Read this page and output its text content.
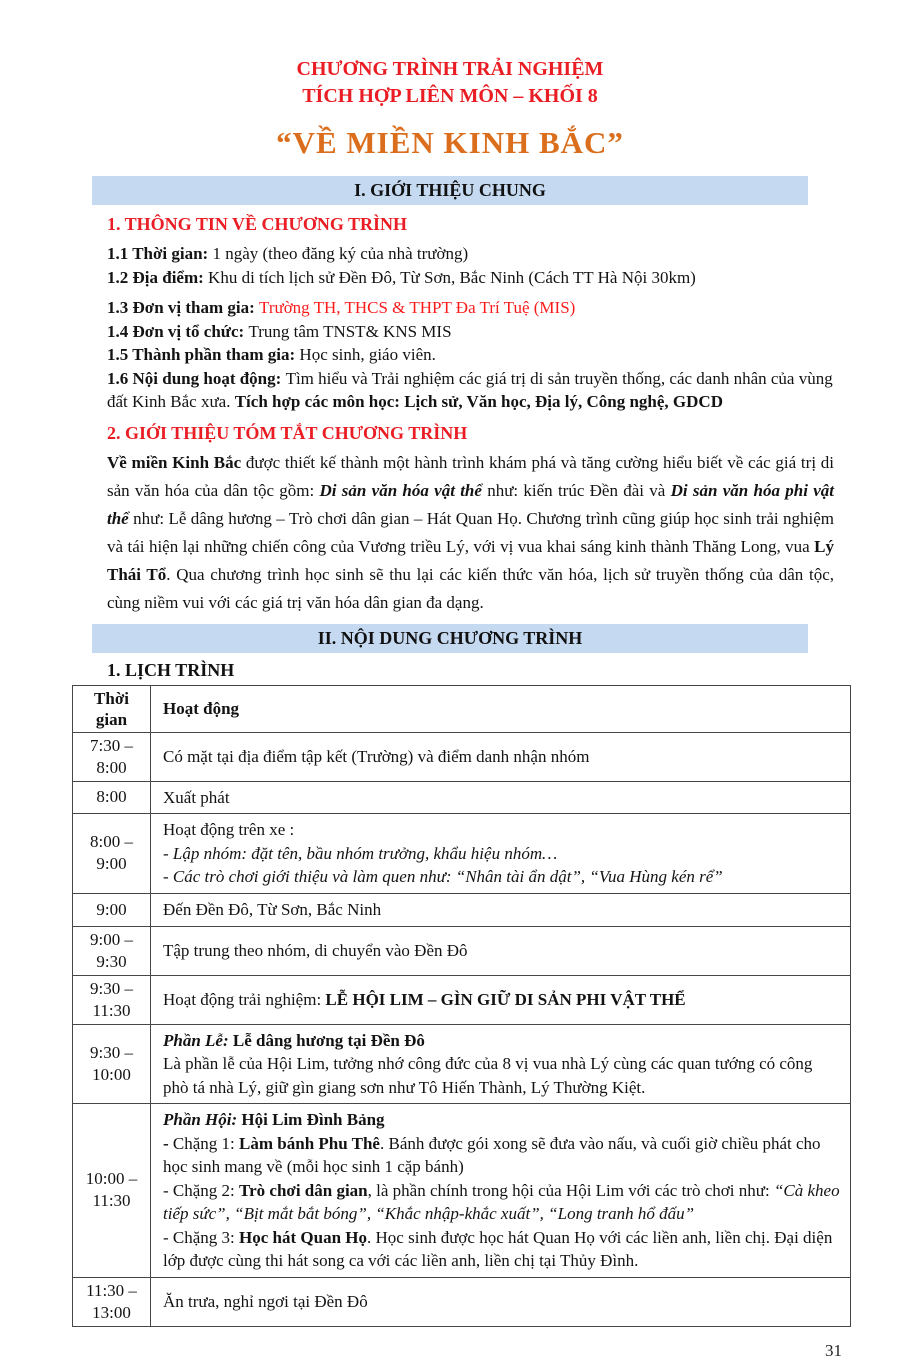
CHƯƠNG TRÌNH TRẢI NGHIỆM
TÍCH HỢP LIÊN MÔN – KHỐI 8
“VỀ MIỀN KINH BẮC”
I. GIỚI THIỆU CHUNG
1. THÔNG TIN VỀ CHƯƠNG TRÌNH
1.1 Thời gian: 1 ngày (theo đăng ký của nhà trường)
1.2 Địa điểm: Khu di tích lịch sử Đền Đô, Từ Sơn, Bắc Ninh (Cách TT Hà Nội 30km)
1.3 Đơn vị tham gia: Trường TH, THCS & THPT Đa Trí Tuệ (MIS)
1.4 Đơn vị tổ chức: Trung tâm TNST& KNS MIS
1.5 Thành phần tham gia: Học sinh, giáo viên.
1.6 Nội dung hoạt động: Tìm hiểu và Trải nghiệm các giá trị di sản truyền thống, các danh nhân của vùng đất Kinh Bắc xưa. Tích hợp các môn học: Lịch sử, Văn học, Địa lý, Công nghệ, GDCD
2. GIỚI THIỆU TÓM TẮT CHƯƠNG TRÌNH

Về miền Kinh Bắc được thiết kế thành một hành trình khám phá và tăng cường hiểu biết về các giá trị di sản văn hóa của dân tộc gồm: Di sản văn hóa vật thể như: kiến trúc Đền đài và Di sản văn hóa phi vật thể như: Lễ dâng hương – Trò chơi dân gian – Hát Quan Họ. Chương trình cũng giúp học sinh trải nghiệm và tái hiện lại những chiến công của Vương triều Lý, với vị vua khai sáng kinh thành Thăng Long, vua Lý Thái Tổ. Qua chương trình học sinh sẽ thu lại các kiến thức văn hóa, lịch sử truyền thống của dân tộc, cùng niềm vui với các giá trị văn hóa dân gian đa dạng.

II. NỘI DUNG CHƯƠNG TRÌNH
1. LỊCH TRÌNH
Thời gian	Hoạt động
7:30 – 8:00	Có mặt tại địa điểm tập kết (Trường) và điểm danh nhận nhóm

8:00	Xuất phát

8:00 – 9:00	Hoạt động trên xe :
- Lập nhóm: đặt tên, bầu nhóm trưởng, khẩu hiệu nhóm…
- Các trò chơi giới thiệu và làm quen như: “Nhân tài ẩn dật”, “Vua Hùng kén rể”

9:00	Đến Đền Đô, Từ Sơn, Bắc Ninh

9:00 – 9:30	Tập trung theo nhóm, di chuyển vào Đền Đô

9:30 – 11:30	Hoạt động trải nghiệm: LỄ HỘI LIM – GÌN GIỮ DI SẢN PHI VẬT THỂ

9:30 – 10:00	Phần Lễ: Lễ dâng hương tại Đền Đô
Là phần lễ của Hội Lim, tưởng nhớ công đức của 8 vị vua nhà Lý cùng các quan tướng có công phò tá nhà Lý, giữ gìn giang sơn như Tô Hiến Thành, Lý Thường Kiệt.

10:00 – 11:30	Phần Hội: Hội Lim Đình Bảng
- Chặng 1: Làm bánh Phu Thê. Bánh được gói xong sẽ đưa vào nấu, và cuối giờ chiều phát cho học sinh mang về (mỗi học sinh 1 cặp bánh)
- Chặng 2: Trò chơi dân gian, là phần chính trong hội của Hội Lim với các trò chơi như: “Cà kheo tiếp sức”, “Bịt mắt bắt bóng”, “Khắc nhập-khắc xuất”, “Long tranh hổ đấu”
- Chặng 3: Học hát Quan Họ. Học sinh được học hát Quan Họ với các liền anh, liền chị. Đại diện lớp được cùng thi hát song ca với các liền anh, liền chị tại Thủy Đình.

11:30 – 13:00	Ăn trưa, nghỉ ngơi tại Đền Đô
31
